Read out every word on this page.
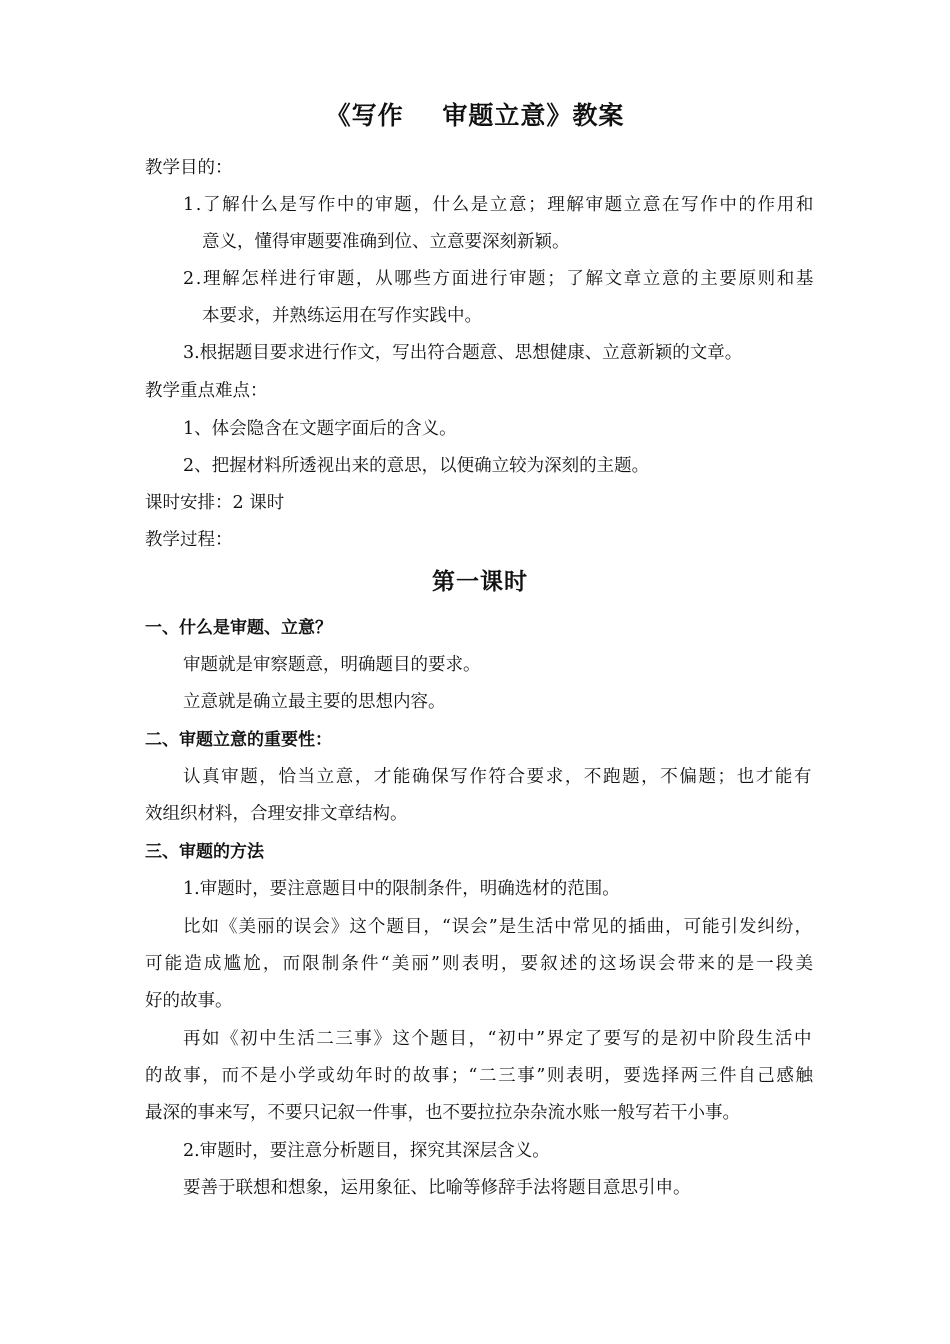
《写作    审题立意》教案
教学目的：
1.了解什么是写作中的审题，什么是立意；理解审题立意在写作中的作用和
意义，懂得审题要准确到位、立意要深刻新颖。
2.理解怎样进行审题，从哪些方面进行审题；了解文章立意的主要原则和基
本要求，并熟练运用在写作实践中。
3.根据题目要求进行作文，写出符合题意、思想健康、立意新颖的文章。
教学重点难点：
1、体会隐含在文题字面后的含义。
2、把握材料所透视出来的意思，以便确立较为深刻的主题。
课时安排：2 课时
教学过程：
第一课时
一、什么是审题、立意？
审题就是审察题意，明确题目的要求。
立意就是确立最主要的思想内容。
二、审题立意的重要性：
认真审题，恰当立意，才能确保写作符合要求，不跑题，不偏题；也才能有
效组织材料，合理安排文章结构。
三、审题的方法
1.审题时，要注意题目中的限制条件，明确选材的范围。
比如《美丽的误会》这个题目，“误会”是生活中常见的插曲，可能引发纠纷，
可能造成尴尬，而限制条件“美丽”则表明，要叙述的这场误会带来的是一段美
好的故事。
再如《初中生活二三事》这个题目，“初中”界定了要写的是初中阶段生活中
的故事，而不是小学或幼年时的故事；“二三事”则表明，要选择两三件自己感触
最深的事来写，不要只记叙一件事，也不要拉拉杂杂流水账一般写若干小事。
2.审题时，要注意分析题目，探究其深层含义。
要善于联想和想象，运用象征、比喻等修辞手法将题目意思引申。
